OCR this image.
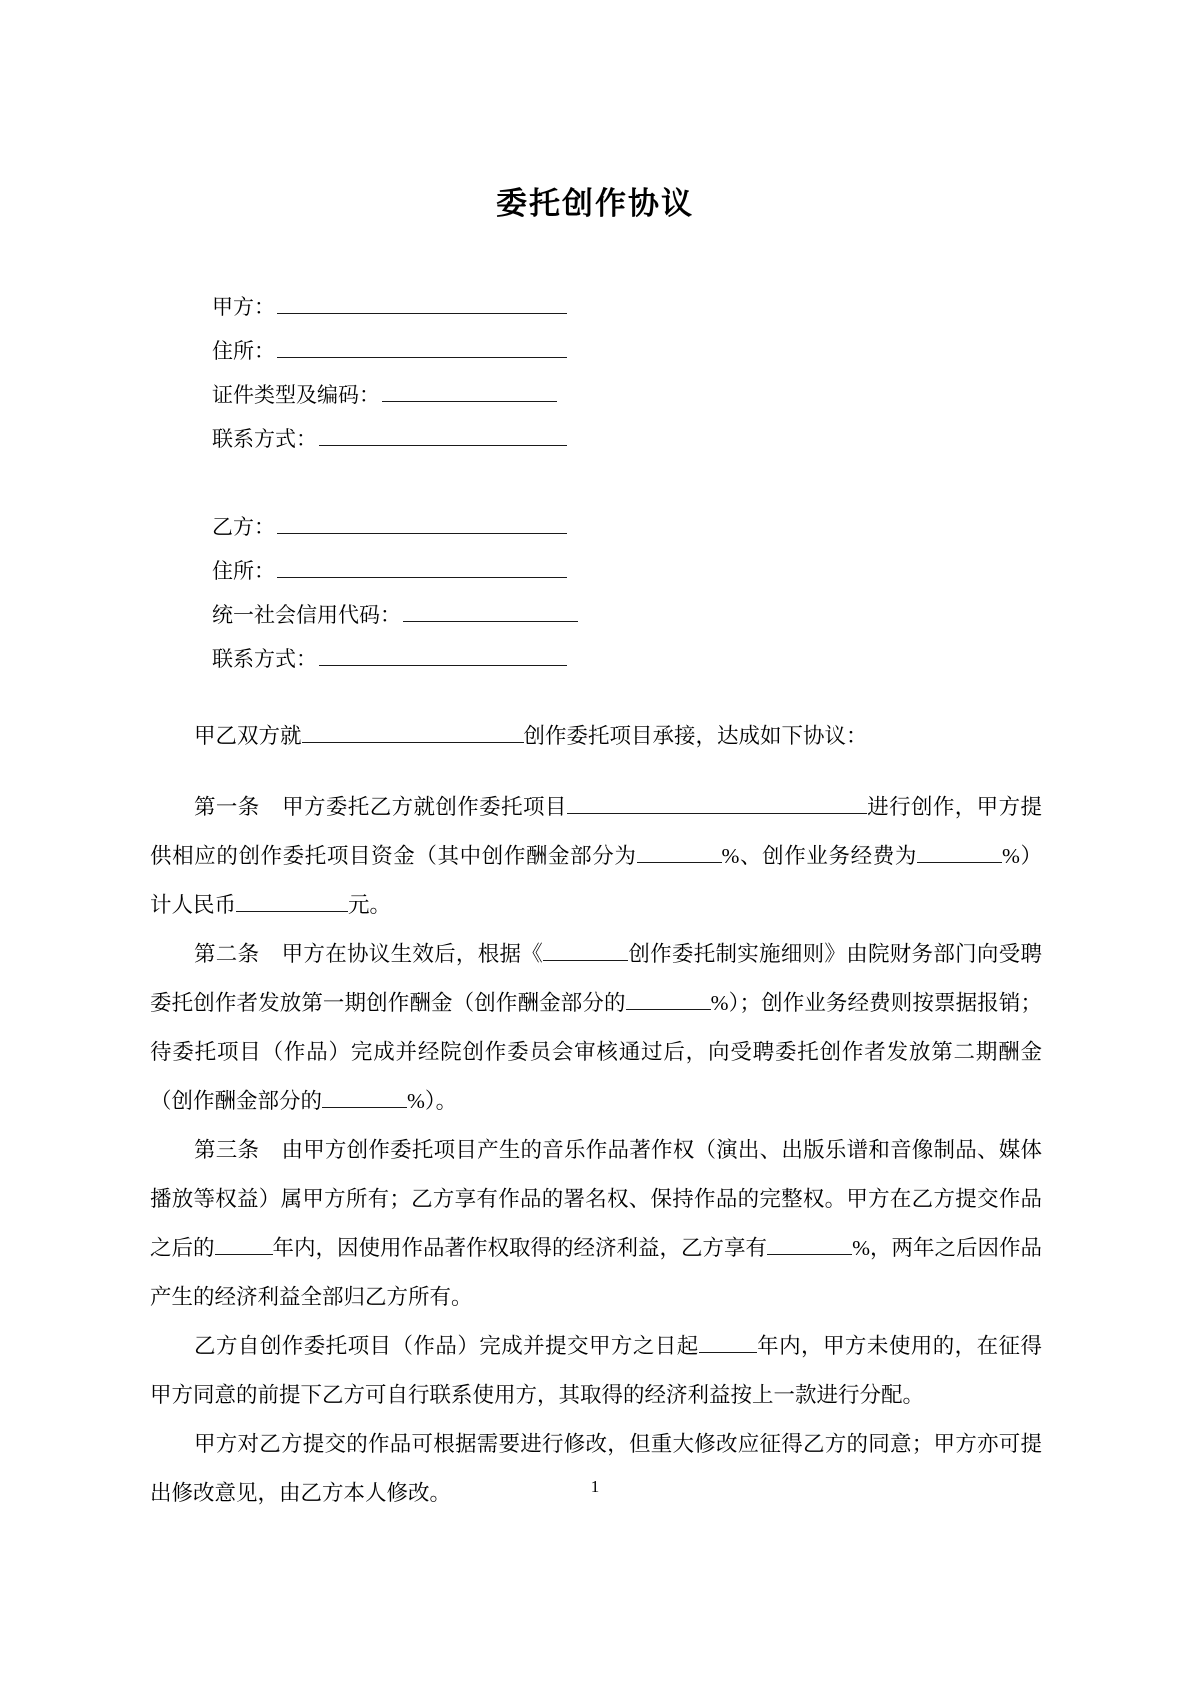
委托创作协议
甲方：
住所：
证件类型及编码：
联系方式：
乙方：
住所：
统一社会信用代码：
联系方式：

甲乙双方就	创作委托项目承接，达成如下协议：

第一条 甲方委托乙方就创作委托项目	进行创作，甲方提供相应的创作委托项目资金（其中创作酬金部分为	%、创作业务经费为	%）计人民币	元。

第二条 甲方在协议生效后，根据《	创作委托制实施细则》由院财务部门向受聘委托创作者发放第一期创作酬金（创作酬金部分的	%）；创作业务经费则按票据报销；待委托项目（作品）完成并经院创作委员会审核通过后，向受聘委托创作者发放第二期酬金（创作酬金部分的	%）。

第三条 由甲方创作委托项目产生的音乐作品著作权（演出、出版乐谱和音像制品、媒体播放等权益）属甲方所有；乙方享有作品的署名权、保持作品的完整权。甲方在乙方提交作品之后的	年内，因使用作品著作权取得的经济利益，乙方享有	%，两年之后因作品产生的经济利益全部归乙方所有。

乙方自创作委托项目（作品）完成并提交甲方之日起	年内，甲方未使用的，在征得甲方同意的前提下乙方可自行联系使用方，其取得的经济利益按上一款进行分配。

甲方对乙方提交的作品可根据需要进行修改，但重大修改应征得乙方的同意；甲方亦可提出修改意见，由乙方本人修改。	1
